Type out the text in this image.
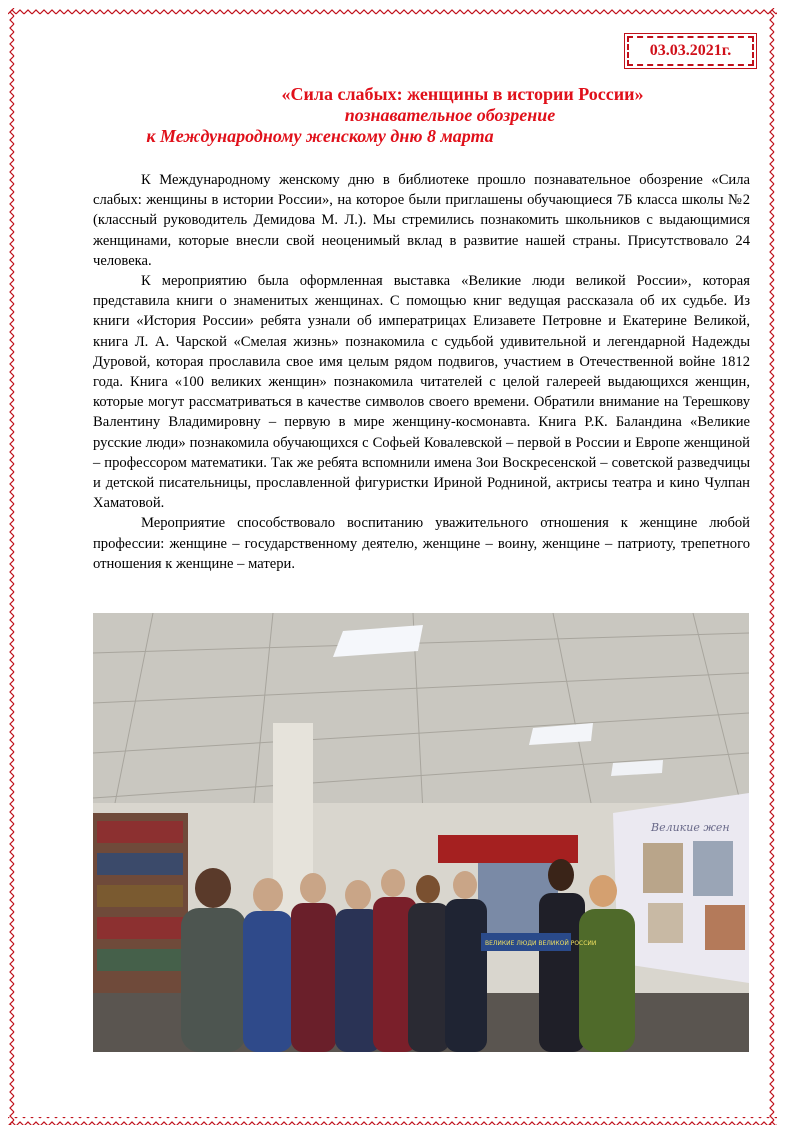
03.03.2021г.
«Сила слабых: женщины в истории России»
познавательное обозрение
к Международному женскому дню 8 марта

К Международному женскому дню в библиотеке прошло познавательное обозрение «Сила слабых: женщины в истории России», на которое были приглашены обучающиеся 7Б класса школы №2 (классный руководитель Демидова М. Л.). Мы стремились познакомить школьников с выдающимися женщинами, которые внесли свой неоценимый вклад в развитие нашей страны. Присутствовало 24 человека.

К мероприятию была оформленная выставка «Великие люди великой России», которая представила книги о знаменитых женщинах. С помощью книг ведущая рассказала об их судьбе. Из книги «История России» ребята узнали об императрицах Елизавете Петровне и Екатерине Великой, книга Л. А. Чарской «Смелая жизнь» познакомила с судьбой удивительной и легендарной Надежды Дуровой, которая прославила свое имя целым рядом подвигов, участием в Отечественной войне 1812 года. Книга «100 великих женщин» познакомила читателей с целой галереей выдающихся женщин, которые могут рассматриваться в качестве символов своего времени. Обратили внимание на Терешкову Валентину Владимировну – первую в мире женщину-космонавта. Книга Р.К. Баландина «Великие русские люди» познакомила обучающихся с Софьей Ковалевской – первой в России и Европе женщиной – профессором математики. Так же ребята вспомнили имена Зои Воскресенской – советской разведчицы и детской писательницы, прославленной фигуристки Ириной Родниной, актрисы театра и кино Чулпан Хаматовой.

Мероприятие способствовало воспитанию уважительного отношения к женщине любой профессии: женщине – государственному деятелю, женщине – воину, женщине – патриоту, трепетного отношения к женщине – матери.

Великие жен
ВЕЛИКИЕ ЛЮДИ ВЕЛИКОЙ РОССИИ
